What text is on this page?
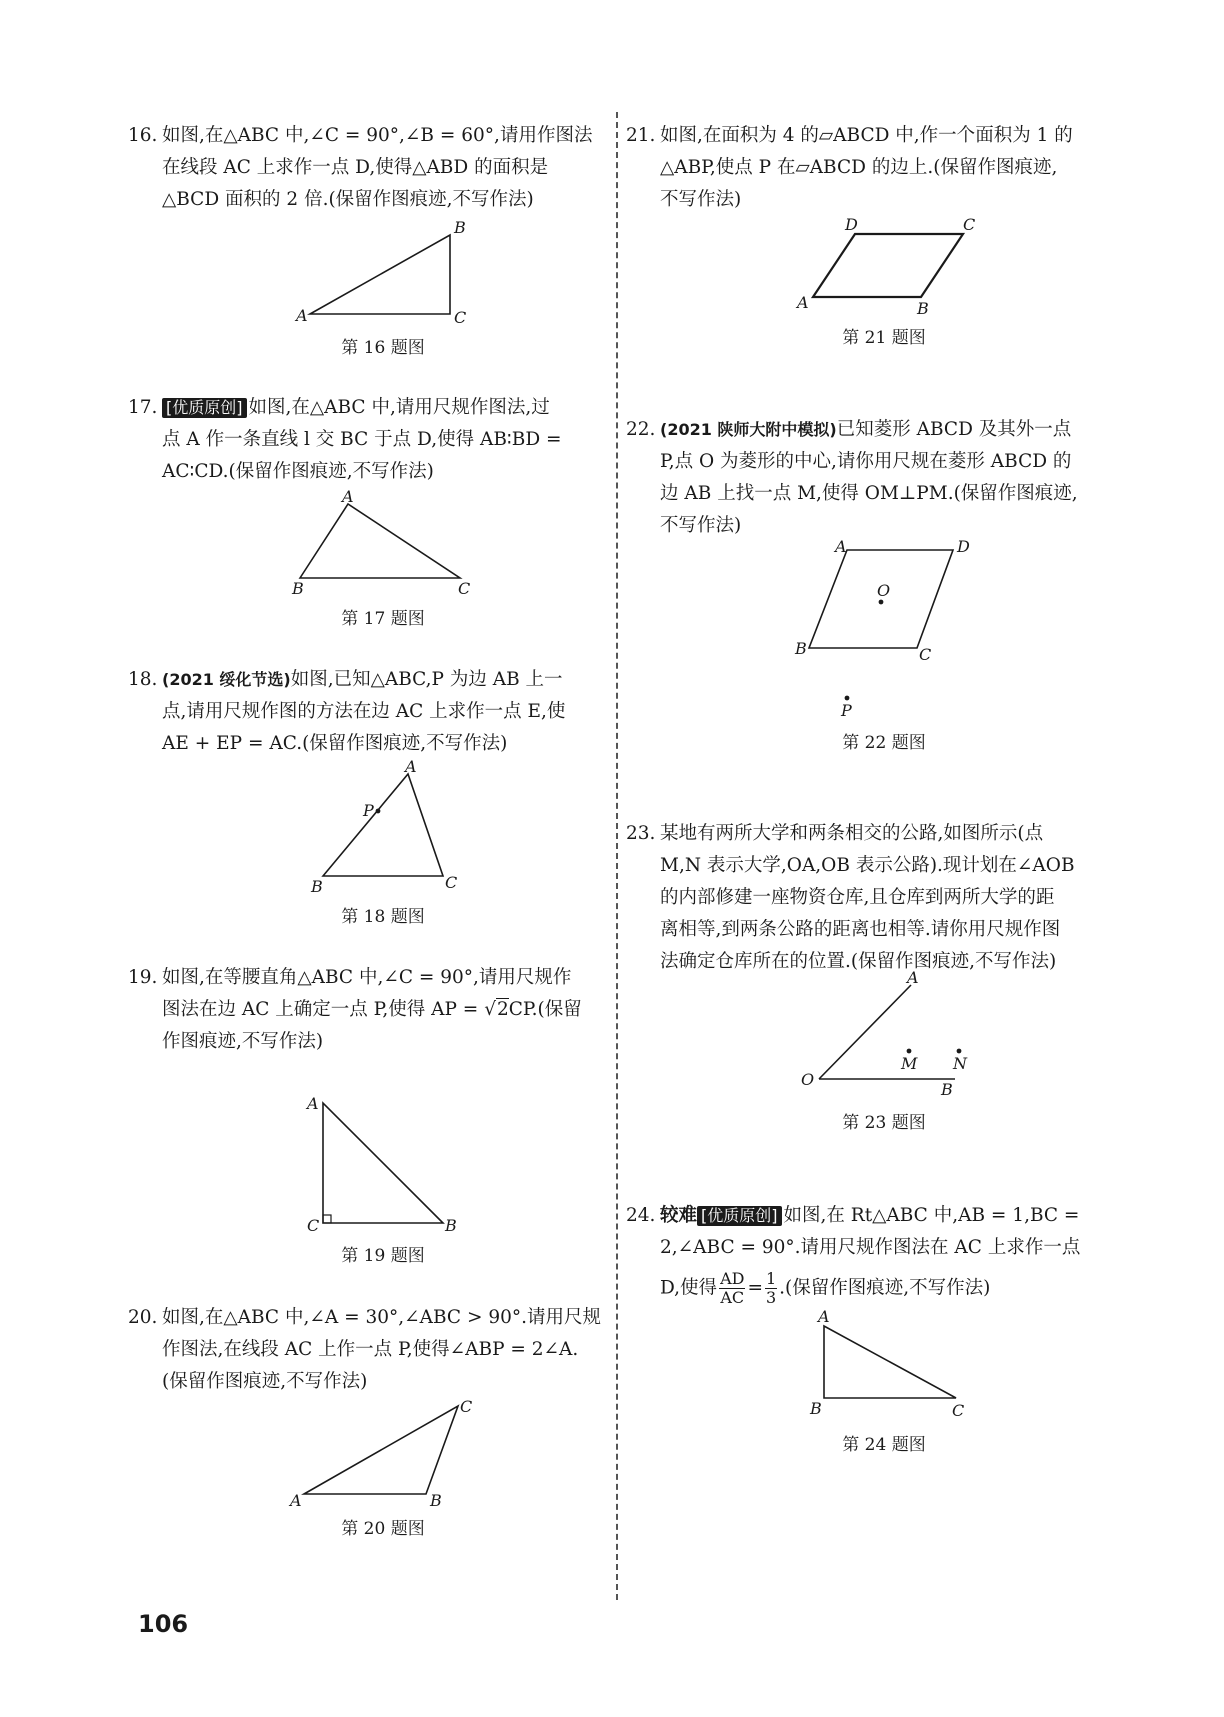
16. 如图,在△ABC 中,∠C = 90°,∠B = 60°,请用作图法
在线段 AC 上求作一点 D,使得△ABD 的面积是
△BCD 面积的 2 倍.(保留作图痕迹,不写作法)
A
B
C
第 16 题图
17. [优质原创] 如图,在△ABC 中,请用尺规作图法,过
点 A 作一条直线 l 交 BC 于点 D,使得 AB∶BD =
AC∶CD.(保留作图痕迹,不写作法)
A
B	C
第 17 题图
18. (2021 绥化节选)如图,已知△ABC,P 为边 AB 上一
点,请用尺规作图的方法在边 AC 上求作一点 E,使
AE + EP = AC.(保留作图痕迹,不写作法)
A
P
B	C
第 18 题图
19. 如图,在等腰直角△ABC 中,∠C = 90°,请用尺规作
图法在边 AC 上确定一点 P,使得 AP = √2CP.(保留
作图痕迹,不写作法)
A
C	B
第 19 题图
20. 如图,在△ABC 中,∠A = 30°,∠ABC > 90°.请用尺规
作图法,在线段 AC 上作一点 P,使得∠ABP = 2∠A.
(保留作图痕迹,不写作法)
C
A	B
第 20 题图
21. 如图,在面积为 4 的▱ABCD 中,作一个面积为 1 的
△ABP,使点 P 在▱ABCD 的边上.(保留作图痕迹,
不写作法)
D	C
A	B
第 21 题图
22. (2021 陕师大附中模拟)已知菱形 ABCD 及其外一点
P,点 O 为菱形的中心,请你用尺规在菱形 ABCD 的
边 AB 上找一点 M,使得 OM⊥PM.(保留作图痕迹,
不写作法)
A	D
O
B	C
P
第 22 题图
23. 某地有两所大学和两条相交的公路,如图所示(点
M,N 表示大学,OA,OB 表示公路).现计划在∠AOB
的内部修建一座物资仓库,且仓库到两所大学的距
离相等,到两条公路的距离也相等.请你用尺规作图
法确定仓库所在的位置.(保留作图痕迹,不写作法)
A
M N
O
B
第 23 题图
24. 较难 [优质原创] 如图,在 Rt△ABC 中,AB = 1,BC =
2,∠ABC = 90°.请用尺规作图法在 AC 上求作一点
D,使得 $\frac{AD}{AC} = \frac{1}{3}$ .(保留作图痕迹,不写作法)
A
B	C
第 24 题图
106
